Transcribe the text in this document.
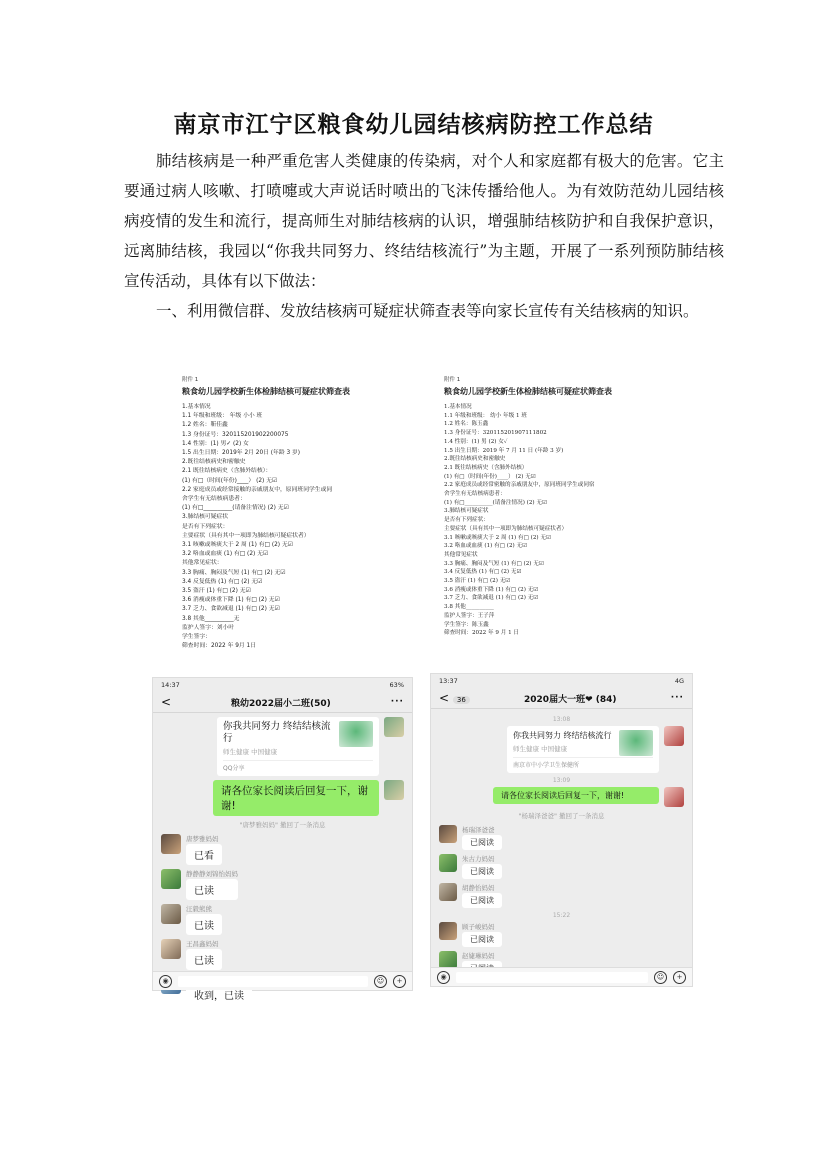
南京市江宁区粮食幼儿园结核病防控工作总结
肺结核病是一种严重危害人类健康的传染病，对个人和家庭都有极大的危害。它主要通过病人咳嗽、打喷嚏或大声说话时喷出的飞沫传播给他人。为有效防范幼儿园结核病疫情的发生和流行，提高师生对肺结核病的认识，增强肺结核防护和自我保护意识，远离肺结核，我园以“你我共同努力、终结结核流行”为主题，开展了一系列预防肺结核宣传活动，具体有以下做法：
一、利用微信群、发放结核病可疑症状筛查表等向家长宣传有关结核病的知识。
附件 1
粮食幼儿园学校新生体检肺结核可疑症状筛查表
1.基本情况
1.1 年级和班级： 年级 小小 班
1.2 姓名：靳佳鑫
1.3 身份证号：320115201902200075
1.4 性别：(1) 男✓ (2) 女
1.5 出生日期：2019年 2月 20日 (年龄 3 岁)
2.既往结核病史和密触史
2.1 既往结核病史（含肺外结核）：
(1) 有□（时间(年份)____） (2) 无☑
2.2 家庭成员或经常接触的亲戚朋友中，原同班同学生或同
舍学生有无结核病患者：
(1) 有□__________(请备注情况) (2) 无☑
3.肺结核可疑症状
是否有下列症状：
主要症状（具有其中一项即为肺结核可疑症状者）
3.1 咳嗽或咳痰大于 2 周 (1) 有□ (2) 无☑
3.2 咯血或血痰 (1) 有□ (2) 无☑
其他常见症状：
3.3 胸痛、胸闷及气短 (1) 有□ (2) 无☑
3.4 反复低热 (1) 有□ (2) 无☑
3.5 盗汗 (1) 有□ (2) 无☑
3.6 消瘦或体重下降 (1) 有□ (2) 无☑
3.7 乏力、食欲减退 (1) 有□ (2) 无☑
3.8 其他__________无
监护人签字：刘小叶
学生签字：
筛查时间：2022 年 9月 1日
附件 1
粮食幼儿园学校新生体检肺结核可疑症状筛查表
1.基本情况
1.1 年级和班级： 幼小 年级 1 班
1.2 姓名：陈玉鑫
1.3 身份证号：320115201907111802
1.4 性别：(1) 男 (2) 女✓
1.5 出生日期：2019 年 7 月 11 日 (年龄 3 岁)
2.既往结核病史和密触史
2.1 既往结核病史（含肺外结核）
(1) 有□（时间(年份)____） (2) 无☑
2.2 家庭成员或经常密触的亲戚朋友中，原同班同学生或同宿
舍学生有无结核病患者：
(1) 有□__________(请备注情况) (2) 无☑
3.肺结核可疑症状
是否有下列症状：
主要症状（具有其中一项即为肺结核可疑症状者）
3.1 咳嗽或咳痰大于 2 周 (1) 有□ (2) 无☑
3.2 咯血或血痰 (1) 有□ (2) 无☑
其他常见症状
3.3 胸痛、胸闷及气短 (1) 有□ (2) 无☑
3.4 反复低热 (1) 有□ (2) 无☑
3.5 盗汗 (1) 有□ (2) 无☑
3.6 消瘦或体重下降 (1) 有□ (2) 无☑
3.7 乏力、食欲减退 (1) 有□ (2) 无☑
3.8 其他__________
监护人签字：王子萍
学生签字：陈玉鑫
筛查时间：2022 年 9 月 1 日
14:37	63%
<	粮幼2022届小二班(50)	···
你我共同努力 终结结核流行
师生健康 中国健康
QQ分享
请各位家长阅读后回复一下，谢谢!
"唐梦雅妈妈" 撤回了一条消息
唐梦雅妈妈
已看
静静静刘锦怡妈妈
已读
汪毅熊熊
已读
王昌鑫妈妈
已读
收到，已读
◉	☺	+
13:37	4G
< 36	2020届大一班❤ (84)	···
13:08
你我共同努力 终结结核流行
师生健康 中国健康
南京市中小学卫生保健所
13:09
请各位家长阅读后回复一下，谢谢!
"杨瑞泽爸爸" 撤回了一条消息
杨瑞泽爸爸
已阅读
朱古力妈妈
已阅读
胡静怡妈妈
已阅读
15:22
顾子峻妈妈
已阅读
赵婕琳妈妈
◉	☺	+
